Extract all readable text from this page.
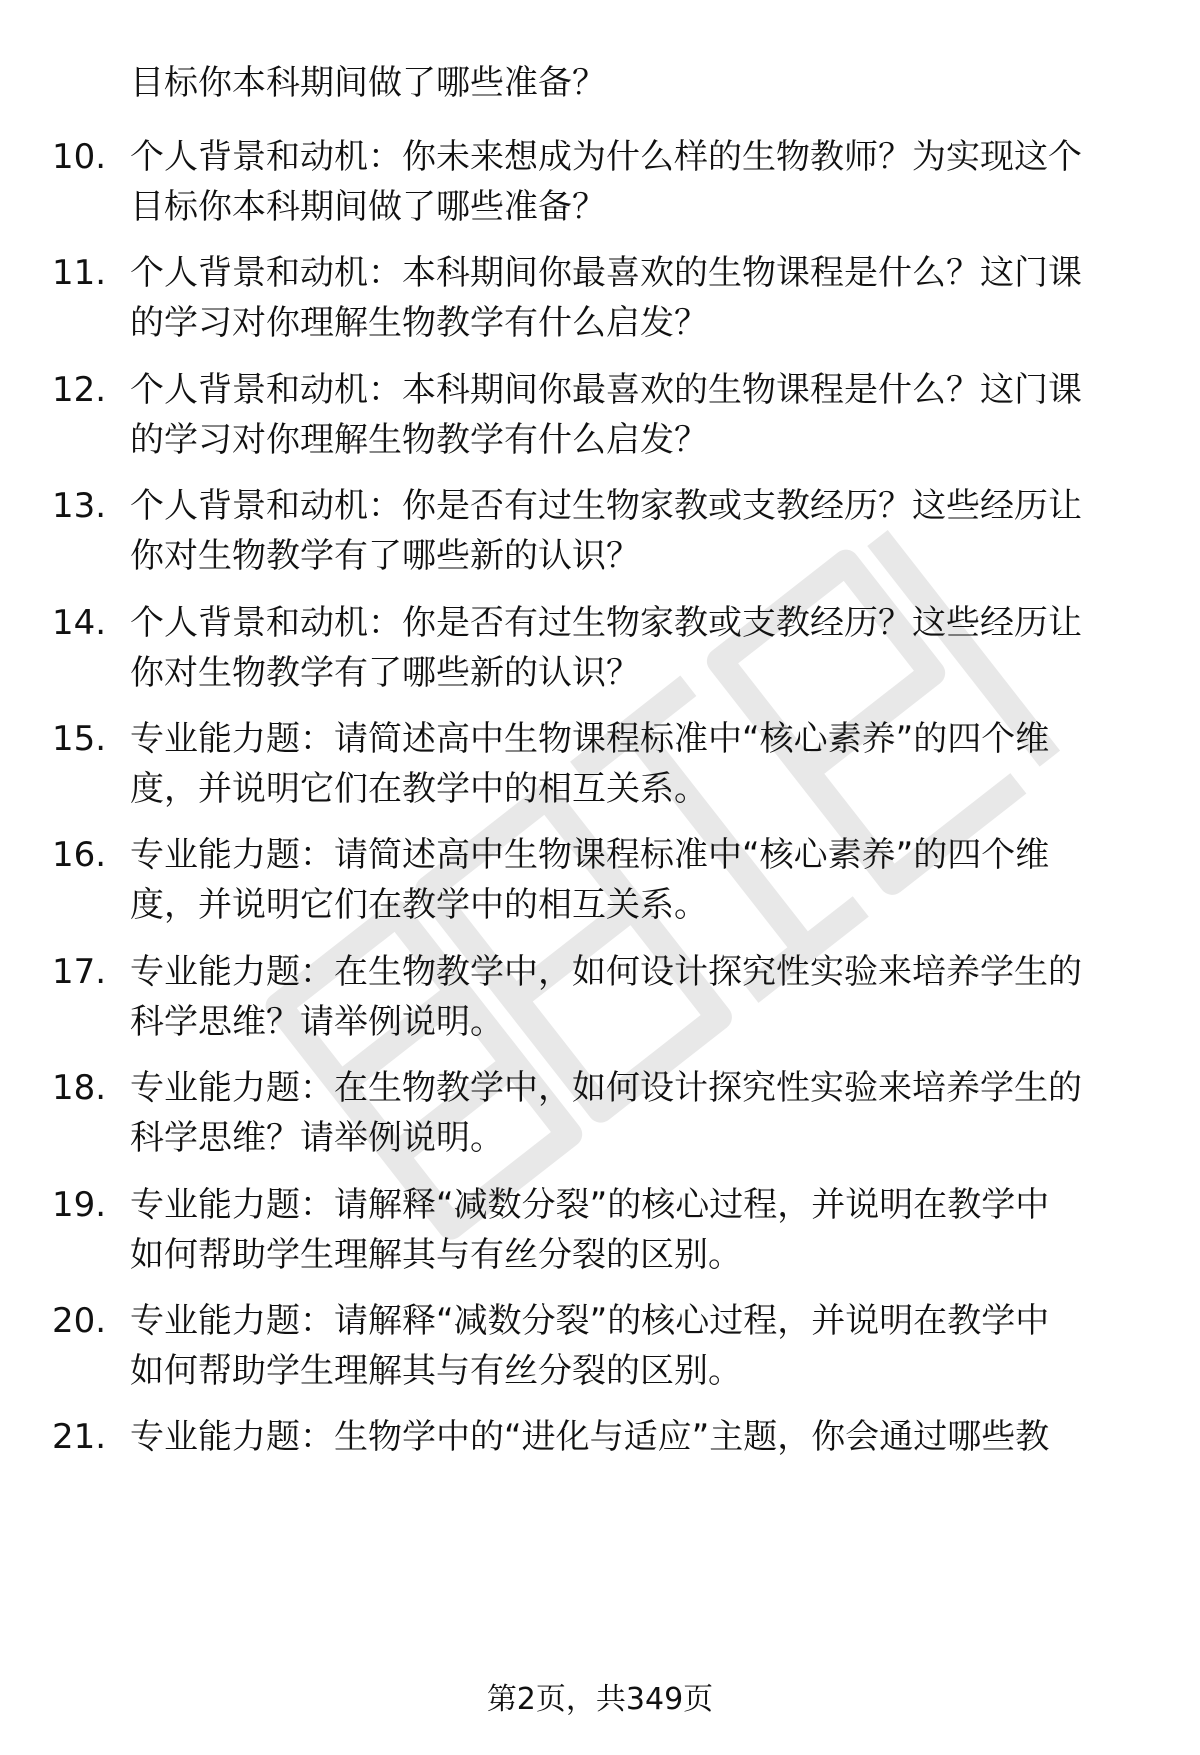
目标你本科期间做了哪些准备？
10. 个人背景和动机：你未来想成为什么样的生物教师？为实现这个
目标你本科期间做了哪些准备？
11. 个人背景和动机：本科期间你最喜欢的生物课程是什么？这门课
的学习对你理解生物教学有什么启发？
12. 个人背景和动机：本科期间你最喜欢的生物课程是什么？这门课
的学习对你理解生物教学有什么启发？
13. 个人背景和动机：你是否有过生物家教或支教经历？这些经历让
你对生物教学有了哪些新的认识？
14. 个人背景和动机：你是否有过生物家教或支教经历？这些经历让
你对生物教学有了哪些新的认识？
15. 专业能力题：请简述高中生物课程标准中“核心素养”的四个维
度，并说明它们在教学中的相互关系。
16. 专业能力题：请简述高中生物课程标准中“核心素养”的四个维
度，并说明它们在教学中的相互关系。
17. 专业能力题：在生物教学中，如何设计探究性实验来培养学生的
科学思维？请举例说明。
18. 专业能力题：在生物教学中，如何设计探究性实验来培养学生的
科学思维？请举例说明。
19. 专业能力题：请解释“减数分裂”的核心过程，并说明在教学中
如何帮助学生理解其与有丝分裂的区别。
20. 专业能力题：请解释“减数分裂”的核心过程，并说明在教学中
如何帮助学生理解其与有丝分裂的区别。
21. 专业能力题：生物学中的“进化与适应”主题，你会通过哪些教
第2页，共349页
